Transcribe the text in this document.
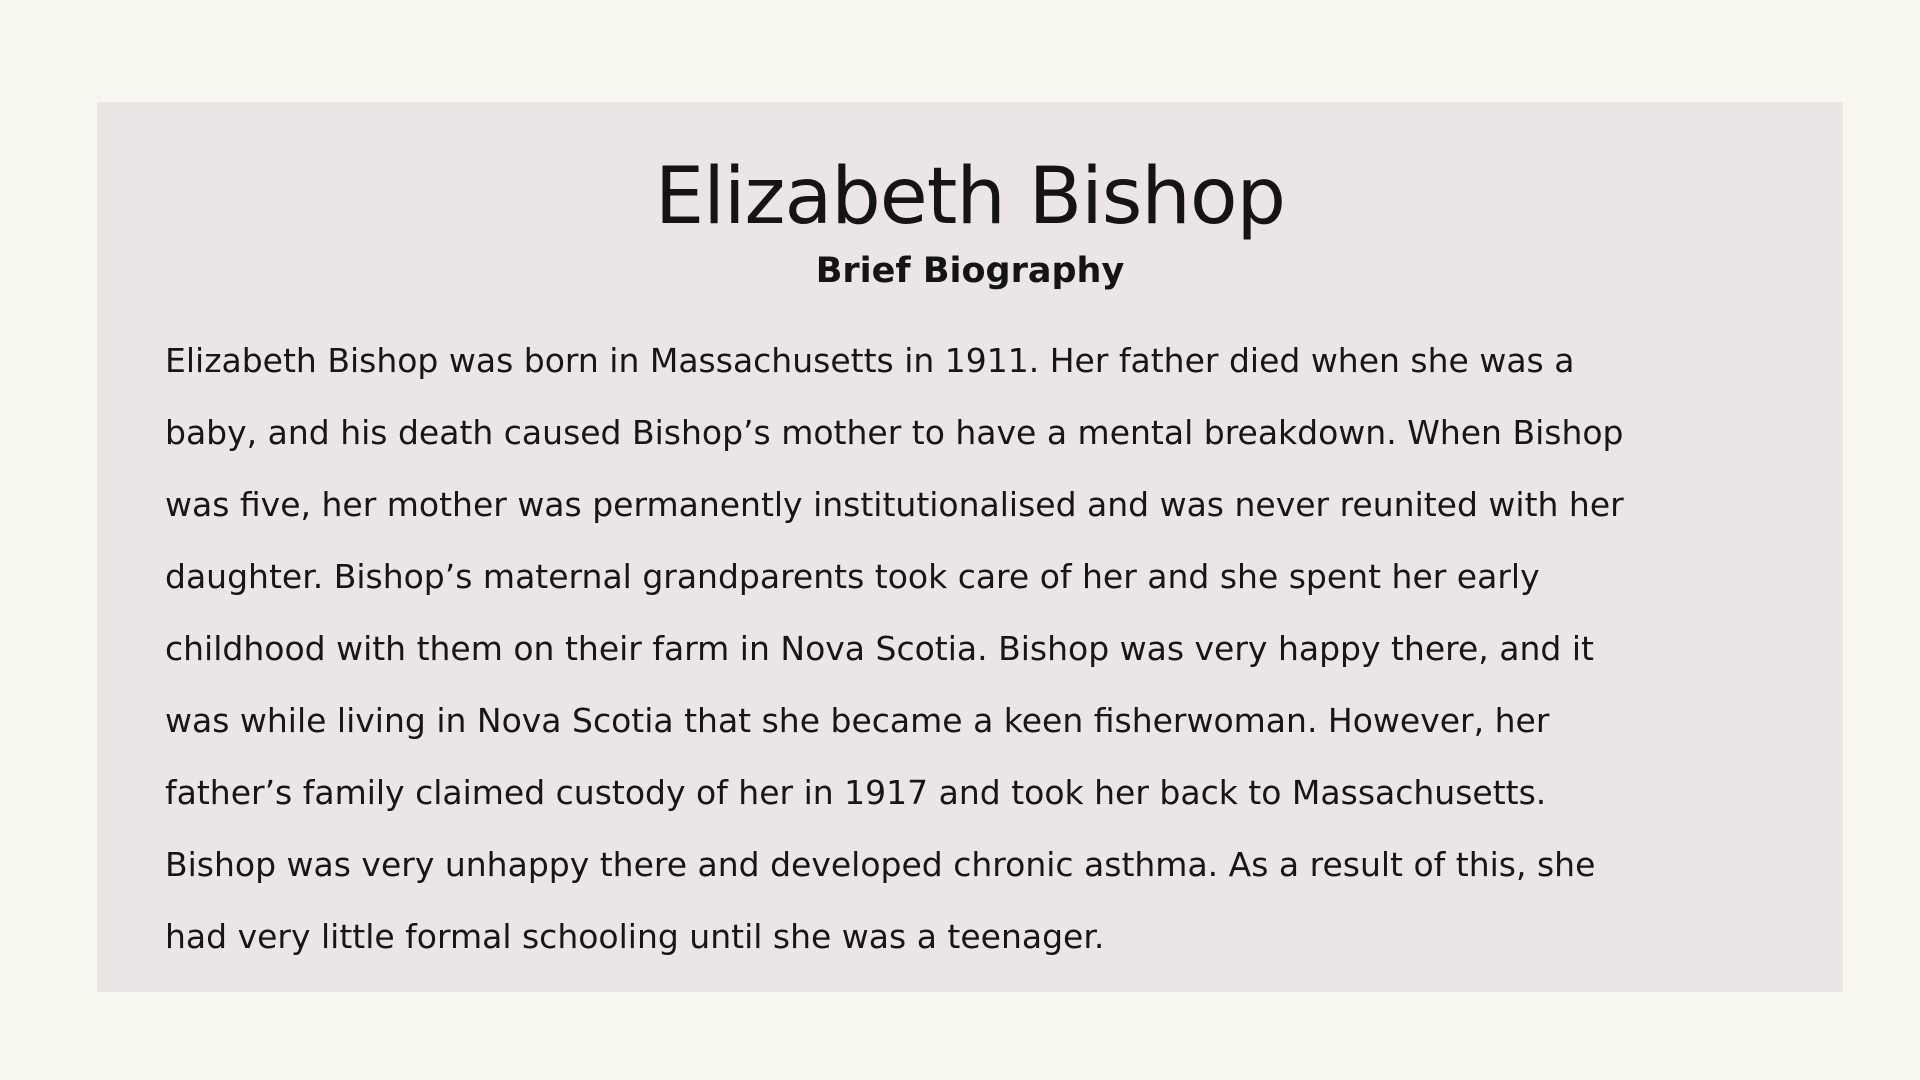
Elizabeth Bishop
Brief Biography
Elizabeth Bishop was born in Massachusetts in 1911. Her father died when she was a
baby, and his death caused Bishop’s mother to have a mental breakdown. When Bishop
was five, her mother was permanently institutionalised and was never reunited with her
daughter. Bishop’s maternal grandparents took care of her and she spent her early
childhood with them on their farm in Nova Scotia. Bishop was very happy there, and it
was while living in Nova Scotia that she became a keen fisherwoman. However, her
father’s family claimed custody of her in 1917 and took her back to Massachusetts.
Bishop was very unhappy there and developed chronic asthma. As a result of this, she
had very little formal schooling until she was a teenager.
